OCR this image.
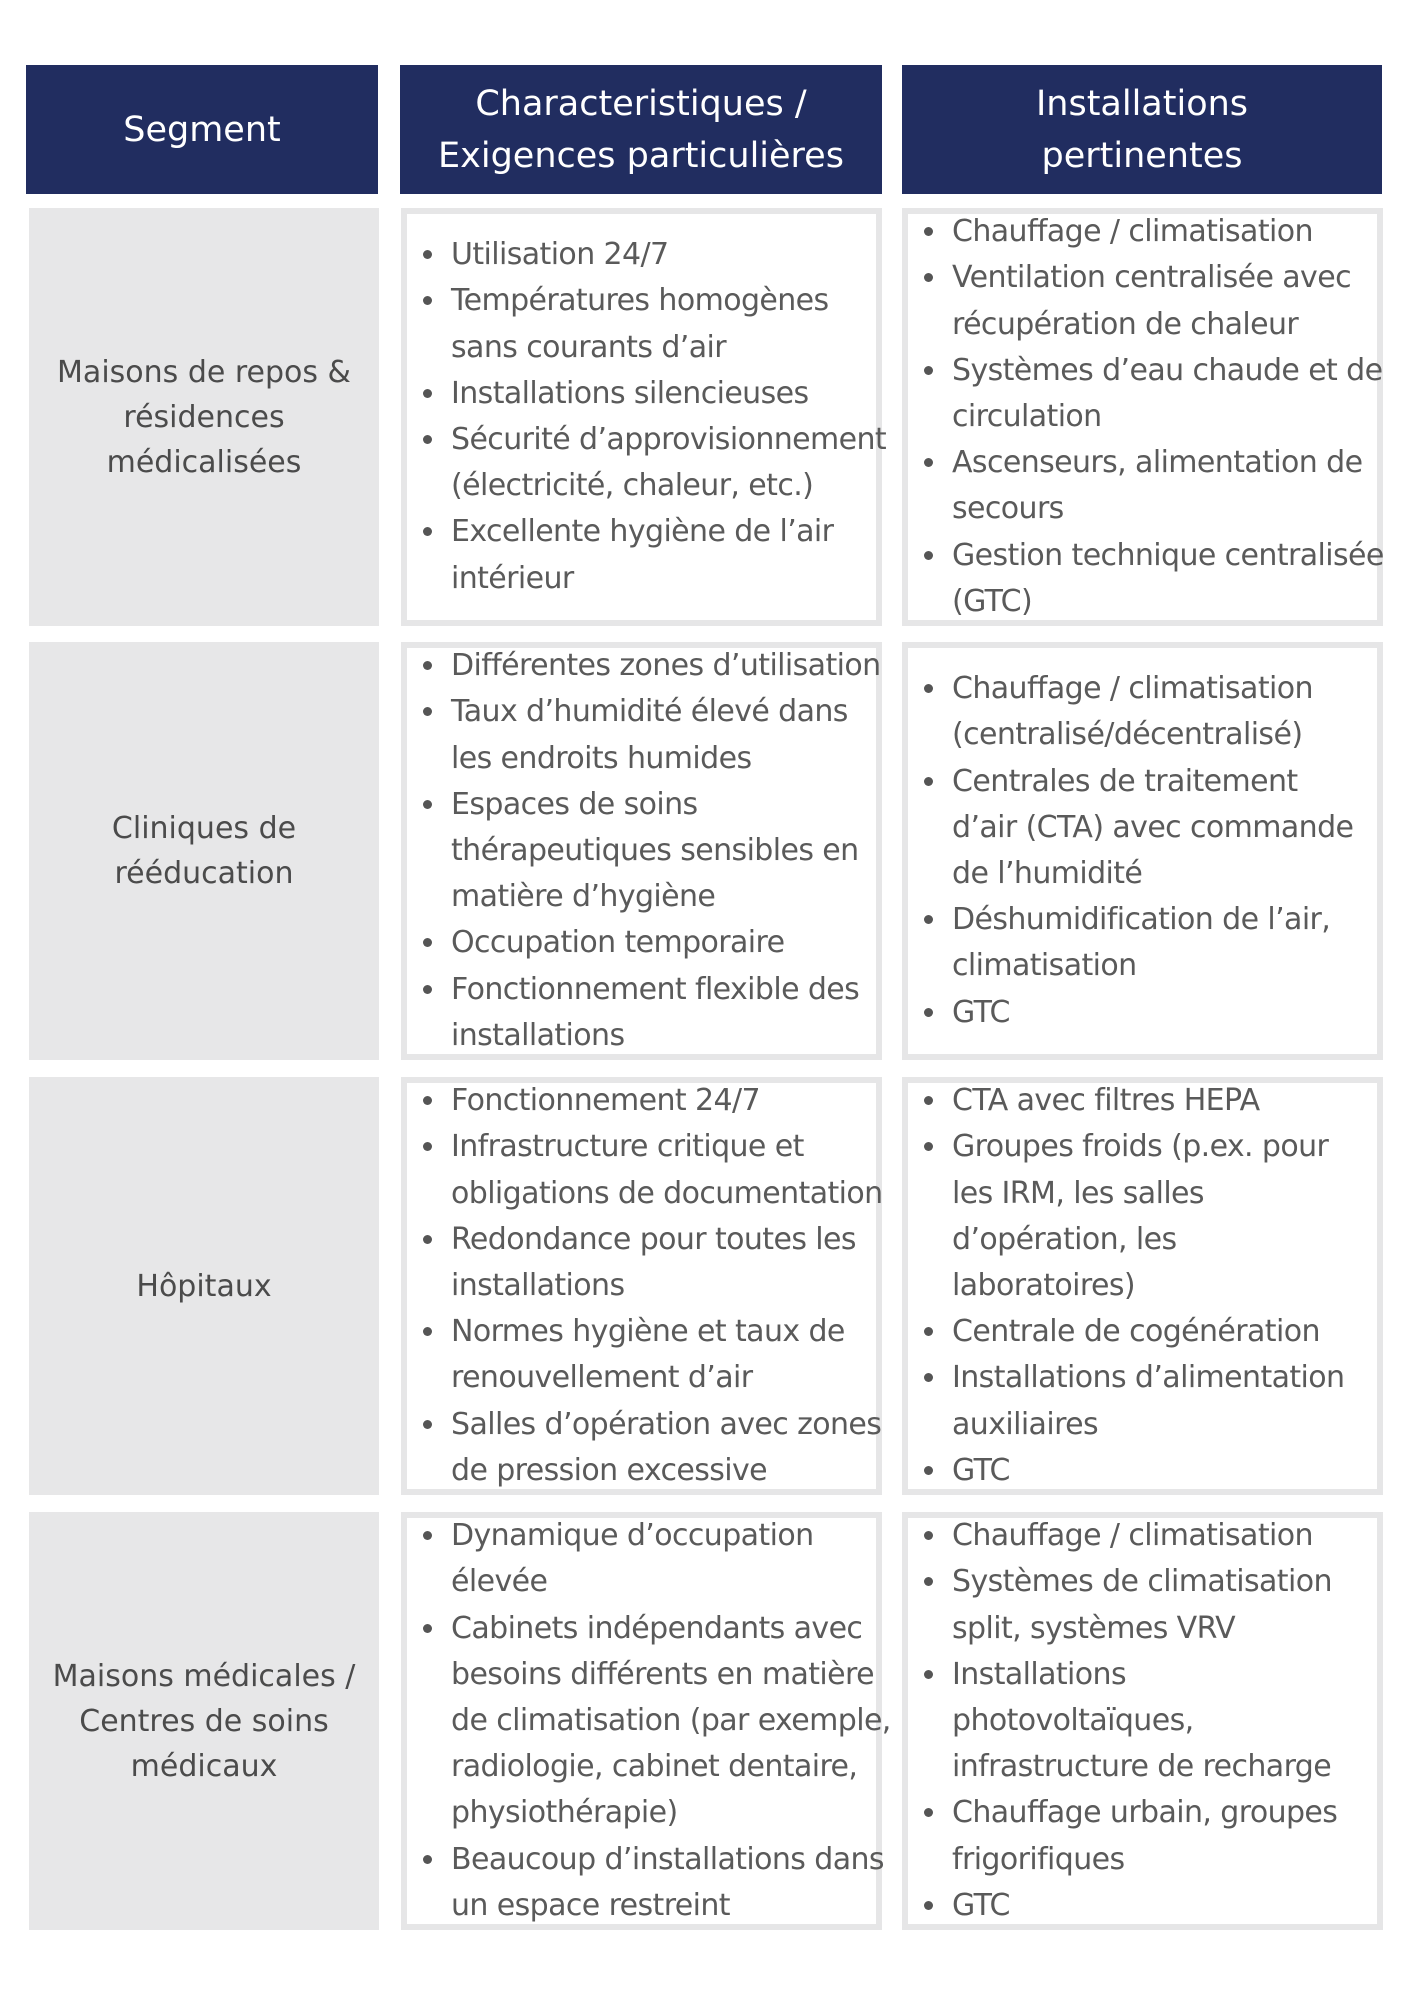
Segment
Characteristiques /
Exigences particulières
Installations
pertinentes
Maisons de repos &
résidences
médicalisées
Utilisation 24/7
Températures homogènes
sans courants d’air
Installations silencieuses
Sécurité d’approvisionnement
(électricité, chaleur, etc.)
Excellente hygiène de l’air
intérieur
Chauffage / climatisation
Ventilation centralisée avec
récupération de chaleur
Systèmes d’eau chaude et de
circulation
Ascenseurs, alimentation de
secours
Gestion technique centralisée
(GTC)
Cliniques de
rééducation
Différentes zones d’utilisation
Taux d’humidité élevé dans
les endroits humides
Espaces de soins
thérapeutiques sensibles en
matière d’hygiène
Occupation temporaire
Fonctionnement flexible des
installations
Chauffage / climatisation
(centralisé/décentralisé)
Centrales de traitement
d’air (CTA) avec commande
de l’humidité
Déshumidification de l’air,
climatisation
GTC
Hôpitaux
Fonctionnement 24/7
Infrastructure critique et
obligations de documentation
Redondance pour toutes les
installations
Normes hygiène et taux de
renouvellement d’air
Salles d’opération avec zones
de pression excessive
CTA avec filtres HEPA
Groupes froids (p.ex. pour
les IRM, les salles
d’opération, les
laboratoires)
Centrale de cogénération
Installations d’alimentation
auxiliaires
GTC
Maisons médicales /
Centres de soins
médicaux
Dynamique d’occupation
élevée
Cabinets indépendants avec
besoins différents en matière
de climatisation (par exemple,
radiologie, cabinet dentaire,
physiothérapie)
Beaucoup d’installations dans
un espace restreint
Chauffage / climatisation
Systèmes de climatisation
split, systèmes VRV
Installations
photovoltaïques,
infrastructure de recharge
Chauffage urbain, groupes
frigorifiques
GTC
